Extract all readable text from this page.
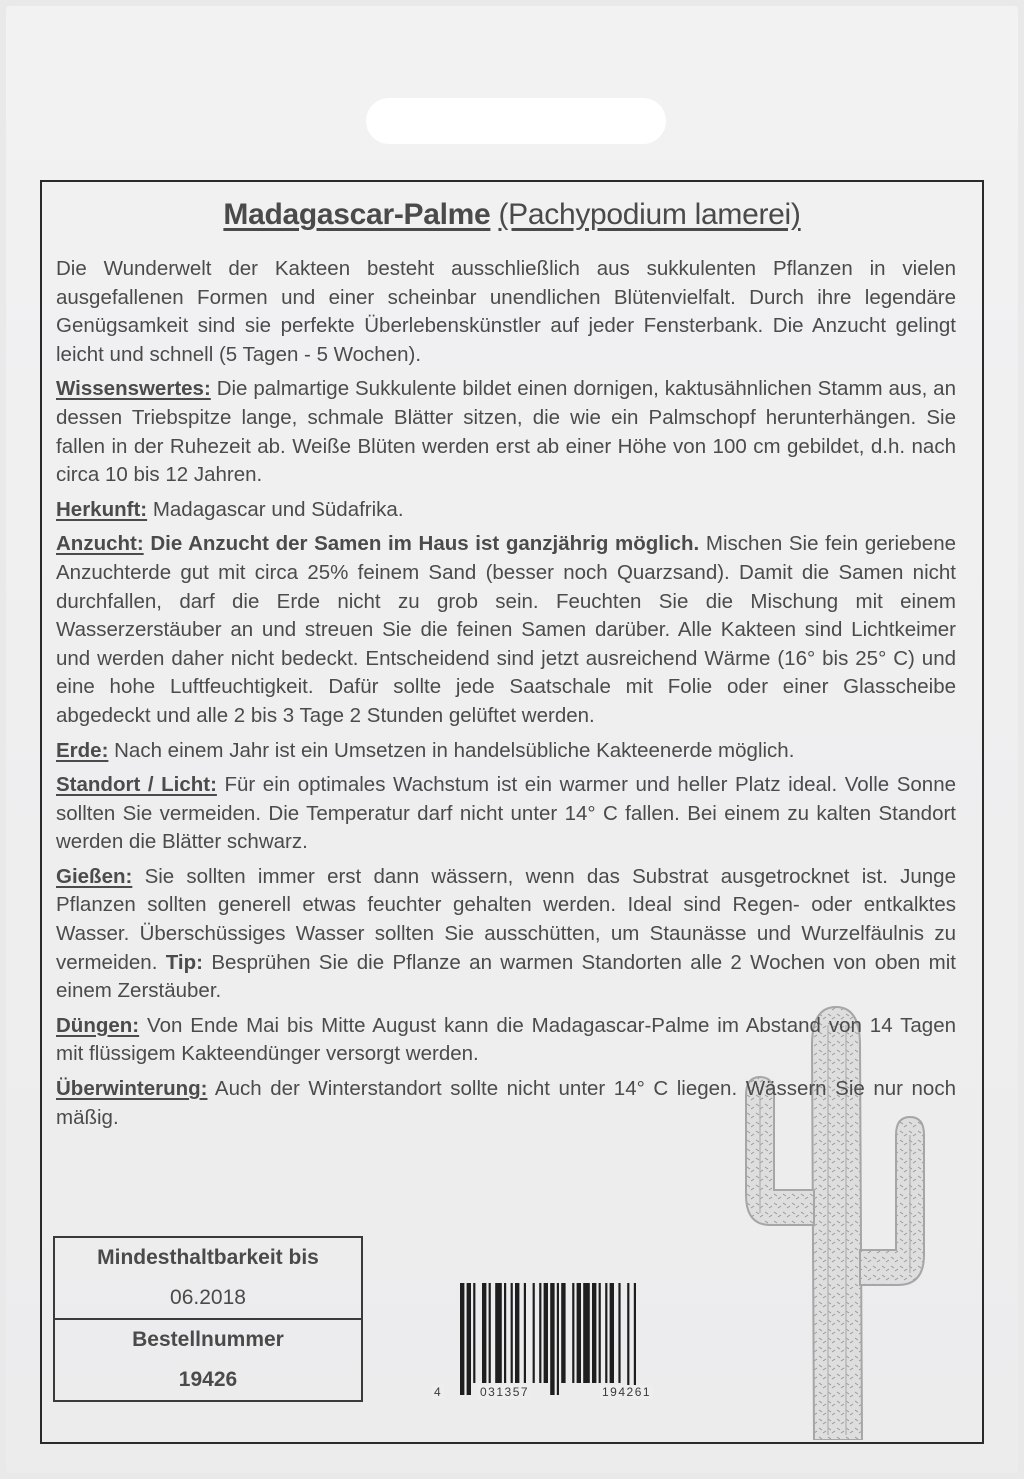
Madagascar-Palme (Pachypodium lamerei)

Die Wunderwelt der Kakteen besteht ausschließlich aus sukkulenten Pflanzen in vielen ausgefallenen Formen und einer scheinbar unendlichen Blütenvielfalt. Durch ihre legendäre Genügsamkeit sind sie perfekte Überlebenskünstler auf jeder Fensterbank. Die Anzucht gelingt leicht und schnell (5 Tagen - 5 Wochen).

Wissenswertes: Die palmartige Sukkulente bildet einen dornigen, kaktusähnlichen Stamm aus, an dessen Triebspitze lange, schmale Blätter sitzen, die wie ein Palmschopf herunterhängen. Sie fallen in der Ruhezeit ab. Weiße Blüten werden erst ab einer Höhe von 100 cm gebildet, d.h. nach circa 10 bis 12 Jahren.

Herkunft: Madagascar und Südafrika.

Anzucht: Die Anzucht der Samen im Haus ist ganzjährig möglich. Mischen Sie fein geriebene Anzuchterde gut mit circa 25% feinem Sand (besser noch Quarzsand). Damit die Samen nicht durchfallen, darf die Erde nicht zu grob sein. Feuchten Sie die Mischung mit einem Wasserzerstäuber an und streuen Sie die feinen Samen darüber. Alle Kakteen sind Lichtkeimer und werden daher nicht bedeckt. Entscheidend sind jetzt ausreichend Wärme (16° bis 25° C) und eine hohe Luftfeuchtigkeit. Dafür sollte jede Saatschale mit Folie oder einer Glasscheibe abgedeckt und alle 2 bis 3 Tage 2 Stunden gelüftet werden.

Erde: Nach einem Jahr ist ein Umsetzen in handelsübliche Kakteenerde möglich.

Standort / Licht: Für ein optimales Wachstum ist ein warmer und heller Platz ideal. Volle Sonne sollten Sie vermeiden. Die Temperatur darf nicht unter 14° C fallen. Bei einem zu kalten Standort werden die Blätter schwarz.

Gießen: Sie sollten immer erst dann wässern, wenn das Substrat ausgetrocknet ist. Junge Pflanzen sollten generell etwas feuchter gehalten werden. Ideal sind Regen- oder entkalktes Wasser. Überschüssiges Wasser sollten Sie ausschütten, um Staunässe und Wurzelfäulnis zu vermeiden. Tip: Besprühen Sie die Pflanze an warmen Standorten alle 2 Wochen von oben mit einem Zerstäuber.

Düngen: Von Ende Mai bis Mitte August kann die Madagascar-Palme im Abstand von 14 Tagen mit flüssigem Kakteendünger versorgt werden.

Überwinterung: Auch der Winterstandort sollte nicht unter 14° C liegen. Wässern Sie nur noch mäßig.

Mindesthaltbarkeit bis
06.2018
Bestellnummer
19426
4	031357	194261
